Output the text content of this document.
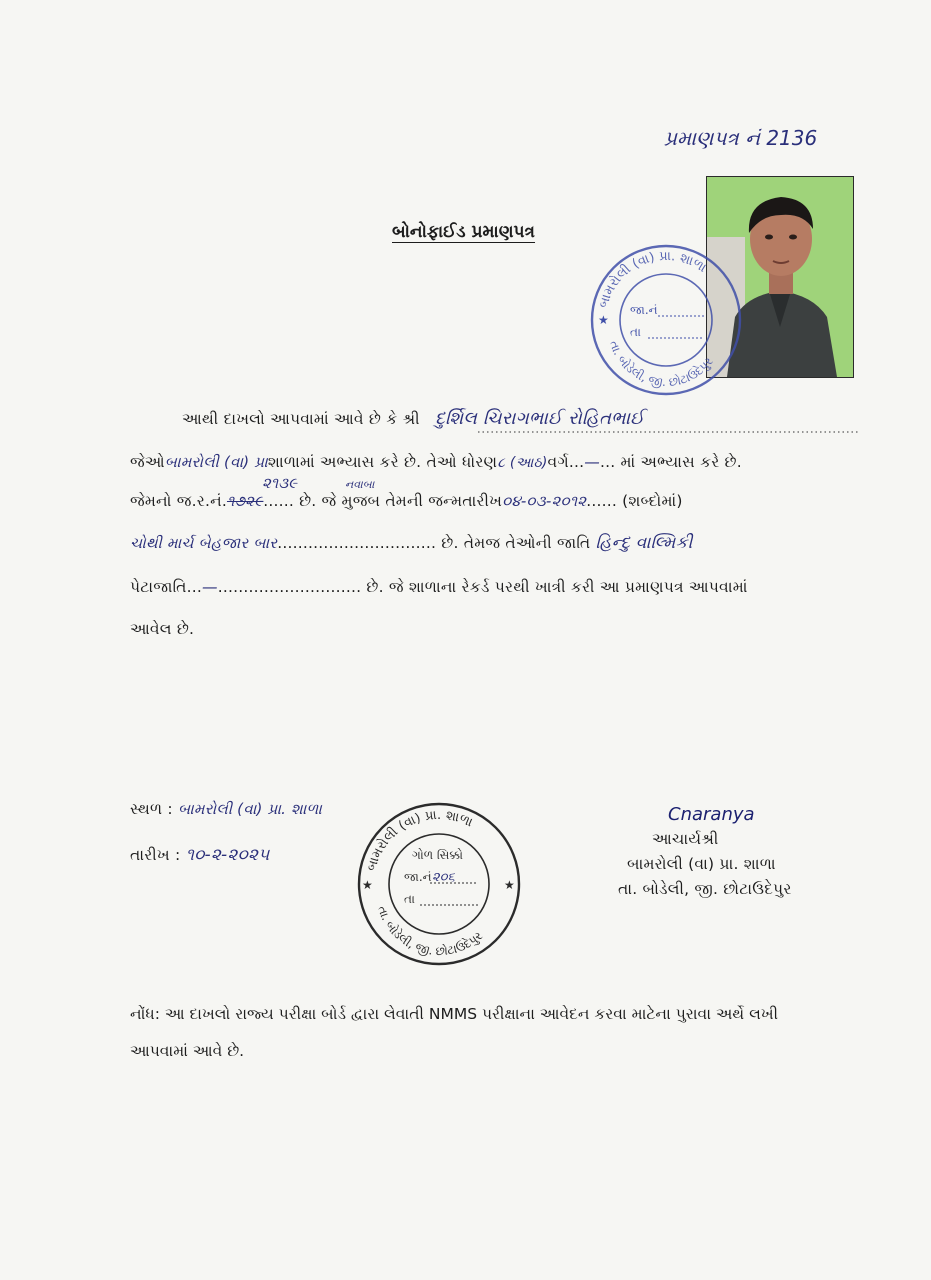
પ્રમાણપત્ર નં 2136
બોનોફાઈડ પ્રમાણપત્ર
બામરોલી (વા) પ્રા. શાળા
તા. બોડેલી, જી. છોટાઉદેપુર
★
જા.નં
તા
આથી દાખલો આપવામાં આવે છે કે શ્રી દુર્શિલ ચિરાગભાઈ રોહિતભાઈ
જેઓબામરોલી (વા) પ્રાશાળામાં અભ્યાસ કરે છે. તેઓ ધોરણ૮ (આઠ)વર્ગ...—... માં અભ્યાસ કરે છે.
૨૧૩૯	નવાબા
જેમનો જ.ર.નં.૧૭૨૯...... છે. જે મુજબ તેમની જન્મતારીખ૦૪-૦૩-૨૦૧૨...... (શબ્દોમાં)
ચોથી માર્ચ બેહજાર બાર............................... છે. તેમજ તેઓની જાતિ હિન્દુ વાલ્મિકી
પેટાજાતિ...—............................ છે. જે શાળાના રેકર્ડ પરથી ખાત્રી કરી આ પ્રમાણપત્ર આપવામાં
આવેલ છે.
સ્થળ : બામરોલી (વા) પ્રા. શાળા
તારીખ : ૧૦-૨-૨૦૨૫	બામરોલી (વા) પ્રા. શાળા
તા. બોડેલી, જી. છોટાઉદેપુર
★	★
ગોળ સિક્કો
જા.નં ૨૦૬
તા
Cnaranya
આચાર્યશ્રી
બામરોલી (વા) પ્રા. શાળા
તા. બોડેલી, જી. છોટાઉદેપુર
નોંધ: આ દાખલો રાજ્ય પરીક્ષા બોર્ડ દ્વારા લેવાતી NMMS પરીક્ષાના આવેદન કરવા માટેના પુરાવા અર્થે લખી
આપવામાં આવે છે.
